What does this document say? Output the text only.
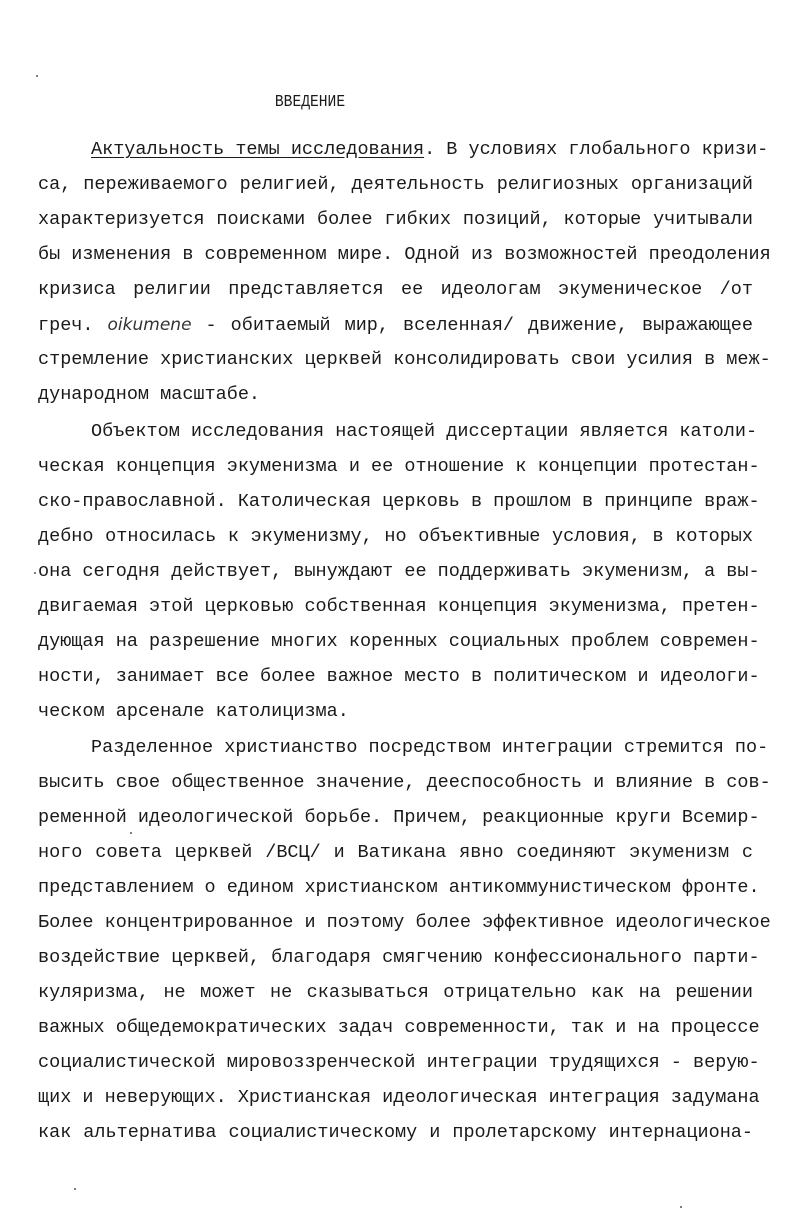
ВВЕДЕНИЕ
Актуальность темы исследования. В условиях глобального кризи-
са, переживаемого религией, деятельность религиозных организаций
характеризуется поисками более гибких позиций, которые учитывали
бы изменения в современном мире. Одной из возможностей преодоления
кризиса религии представляется ее идеологам экуменическое /от
греч. oikumene - обитаемый мир, вселенная/ движение, выражающее
стремление христианских церквей консолидировать свои усилия в меж-
дународном масштабе.
Объектом исследования настоящей диссертации является католи-
ческая концепция экуменизма и ее отношение к концепции протестан-
ско-православной. Католическая церковь в прошлом в принципе враж-
дебно относилась к экуменизму, но объективные условия, в которых
она сегодня действует, вынуждают ее поддерживать экуменизм, а вы-
двигаемая этой церковью собственная концепция экуменизма, претен-
дующая на разрешение многих коренных социальных проблем современ-
ности, занимает все более важное место в политическом и идеологи-
ческом арсенале католицизма.
Разделенное христианство посредством интеграции стремится по-
высить свое общественное значение, дееспособность и влияние в сов-
ременной идеологической борьбе. Причем, реакционные круги Всемир-
ного совета церквей /ВСЦ/ и Ватикана явно соединяют экуменизм с
представлением о едином христианском антикоммунистическом фронте.
Более концентрированное и поэтому более эффективное идеологическое
воздействие церквей, благодаря смягчению конфессионального парти-
куляризма, не может не сказываться отрицательно как на решении
важных общедемократических задач современности, так и на процессе
социалистической мировоззренческой интеграции трудящихся - верую-
щих и неверующих. Христианская идеологическая интеграция задумана
как альтернатива социалистическому и пролетарскому интернациона-
